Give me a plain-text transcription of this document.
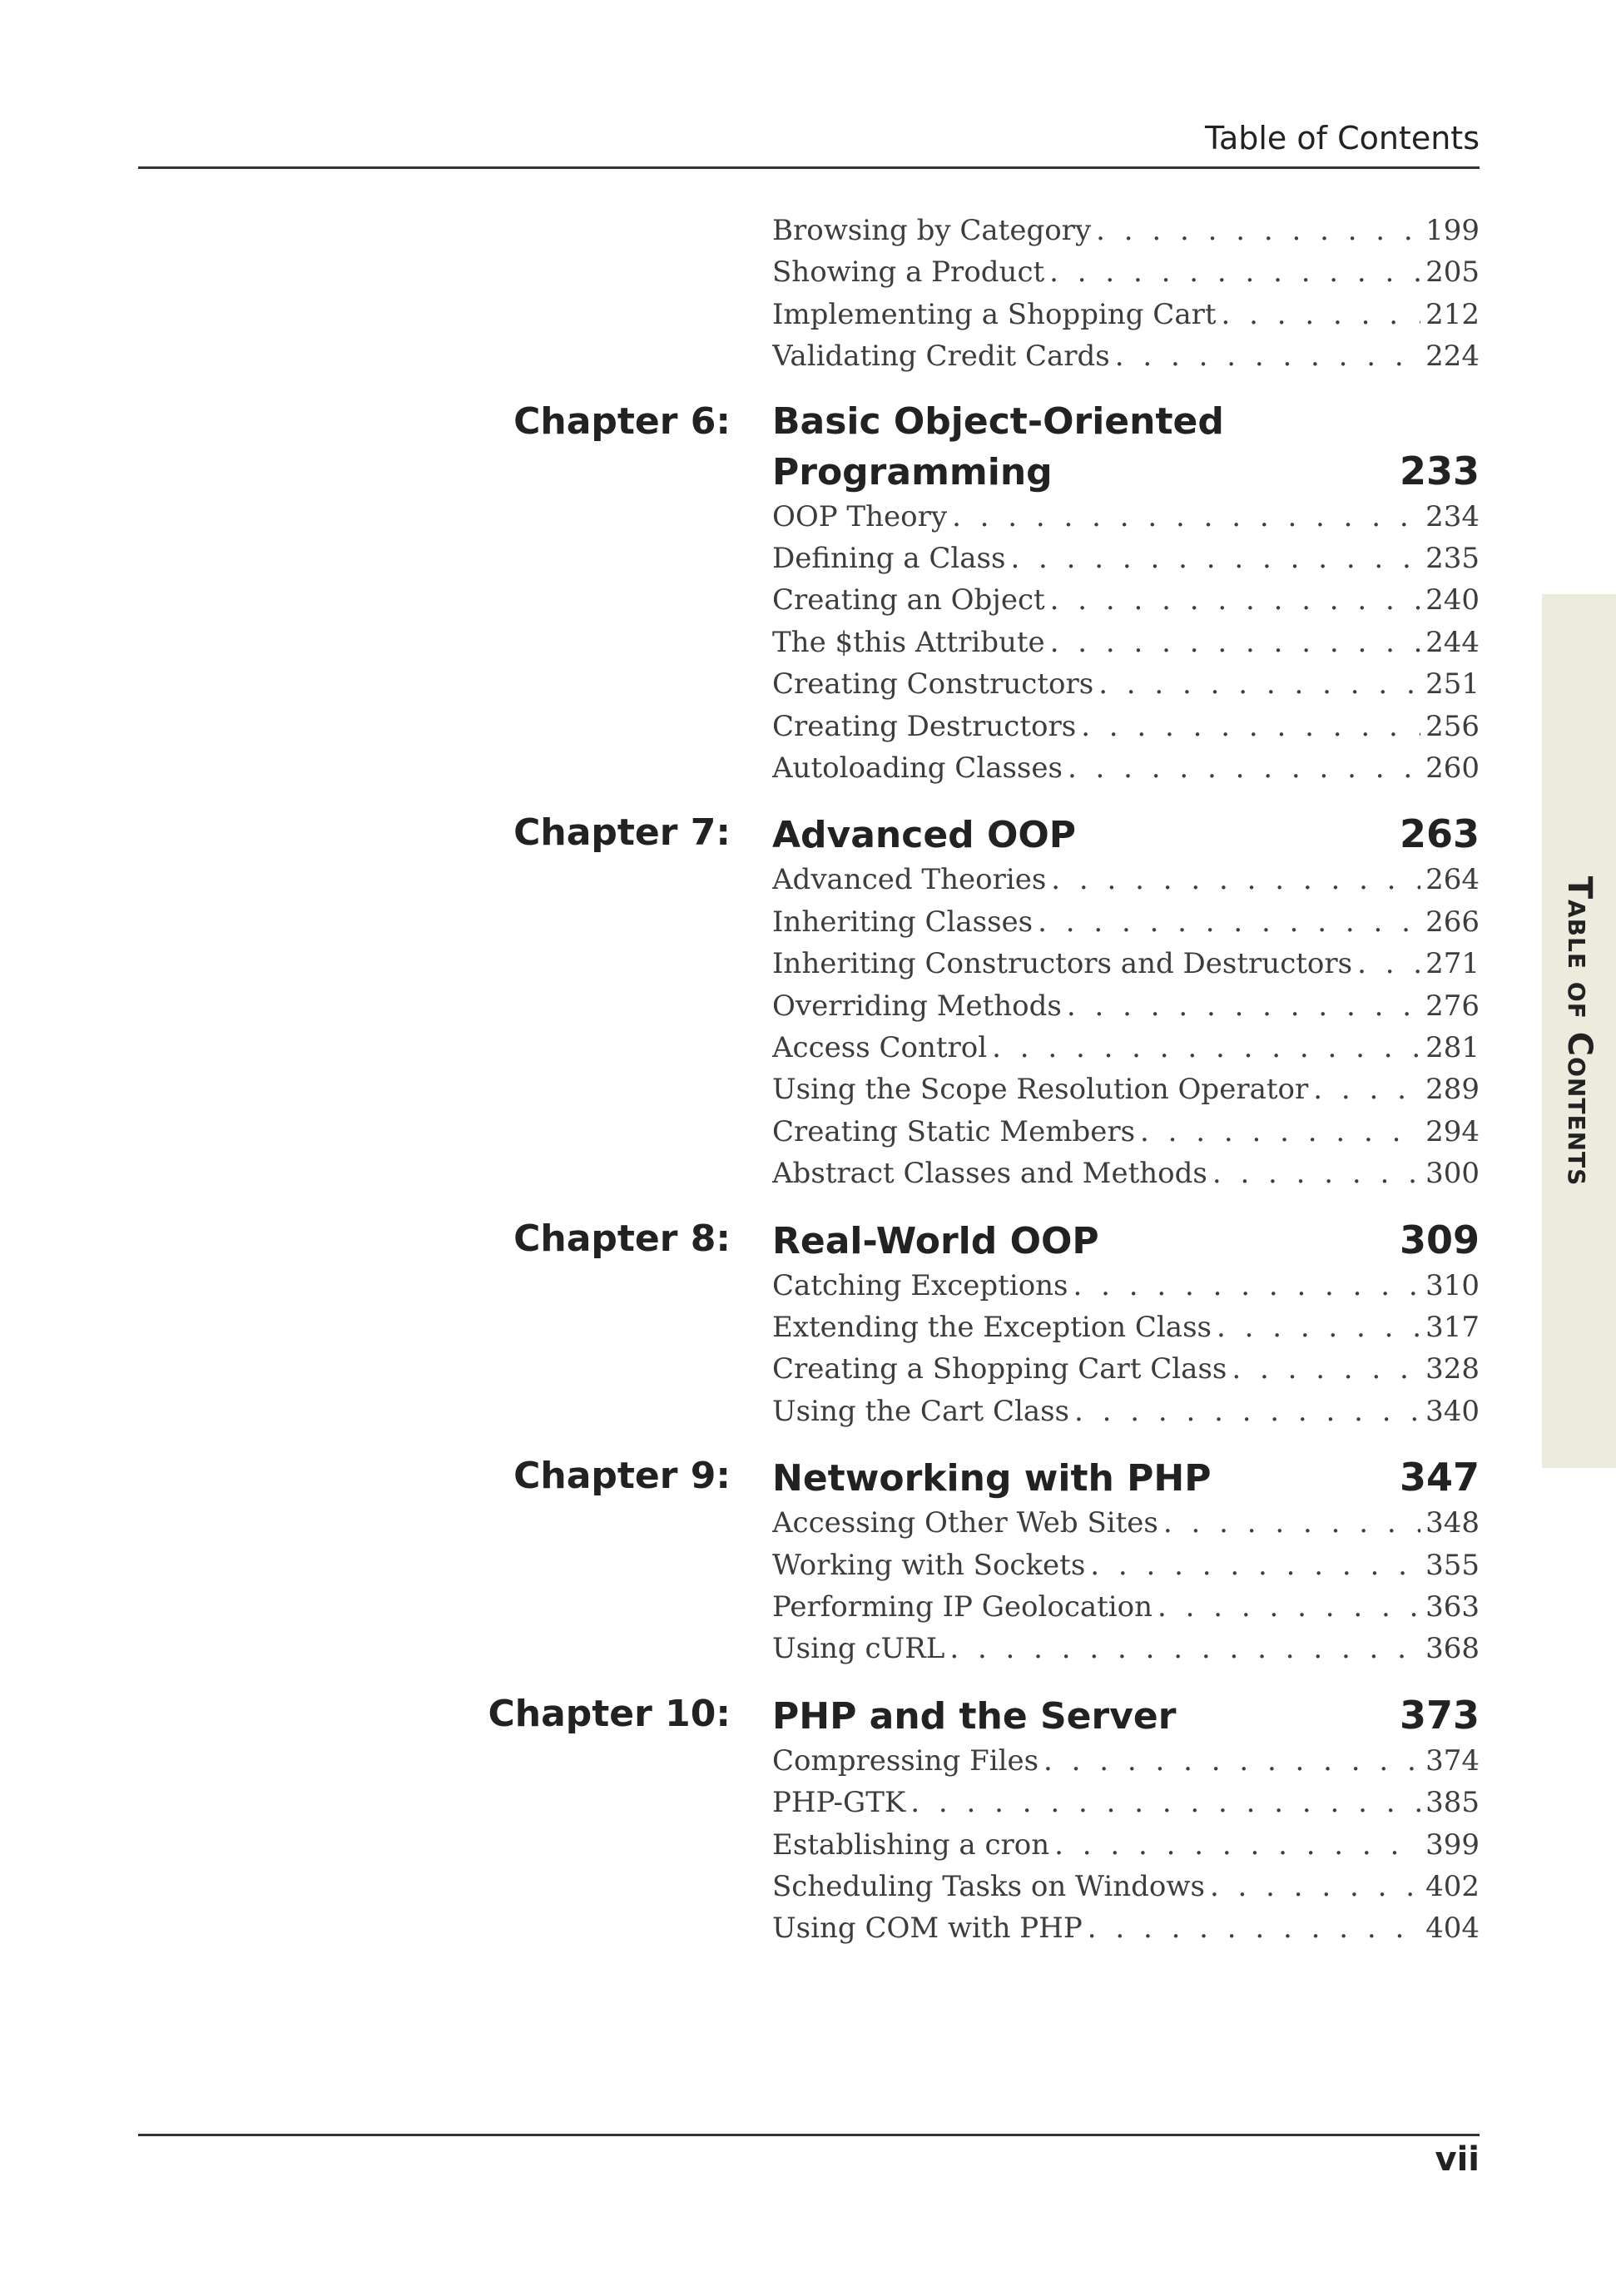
Table of Contents
Table of Contents
Browsing by Category . . .	199
Showing a Product . . .	205
Implementing a Shopping Cart . . .	212
Validating Credit Cards . . .	224
Chapter 6: Basic Object-Oriented
Programming	233
OOP Theory . . .	234
Defining a Class . . .	235
Creating an Object . . .	240
The $this Attribute . . .	244
Creating Constructors . . .	251
Creating Destructors . . .	256
Autoloading Classes . . .	260
Chapter 7: Advanced OOP	263
Advanced Theories . . .	264
Inheriting Classes . . .	266
Inheriting Constructors and Destructors . . .	271
Overriding Methods . . .	276
Access Control . . .	281
Using the Scope Resolution Operator . . .	289
Creating Static Members . . .	294
Abstract Classes and Methods . . .	300
Chapter 8: Real-World OOP	309
Catching Exceptions . . .	310
Extending the Exception Class . . .	317
Creating a Shopping Cart Class . . .	328
Using the Cart Class . . .	340
Chapter 9: Networking with PHP	347
Accessing Other Web Sites . . .	348
Working with Sockets . . .	355
Performing IP Geolocation . . .	363
Using cURL . . .	368
Chapter 10: PHP and the Server	373
Compressing Files . . .	374
PHP-GTK . . .	385
Establishing a cron . . .	399
Scheduling Tasks on Windows . . .	402
Using COM with PHP . . .	404
vii
